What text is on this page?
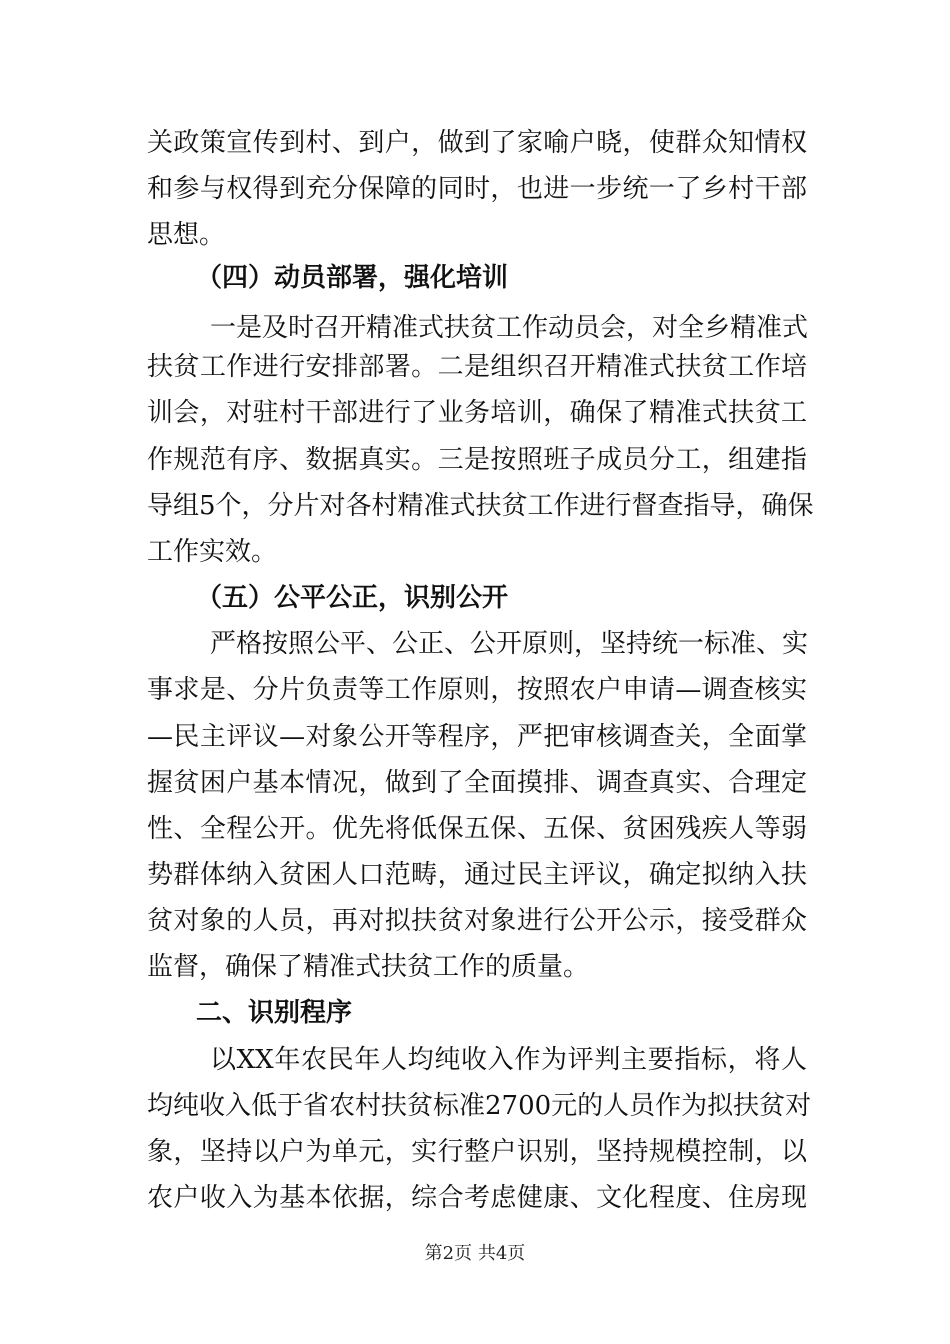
关政策宣传到村、到户，做到了家喻户晓，使群众知情权
和参与权得到充分保障的同时，也进一步统一了乡村干部
思想。
（四）动员部署，强化培训
一是及时召开精准式扶贫工作动员会，对全乡精准式
扶贫工作进行安排部署。二是组织召开精准式扶贫工作培
训会，对驻村干部进行了业务培训，确保了精准式扶贫工
作规范有序、数据真实。三是按照班子成员分工，组建指
导组5个，分片对各村精准式扶贫工作进行督查指导，确保
工作实效。
（五）公平公正，识别公开
严格按照公平、公正、公开原则，坚持统一标准、实
事求是、分片负责等工作原则，按照农户申请—调查核实
—民主评议—对象公开等程序，严把审核调查关，全面掌
握贫困户基本情况，做到了全面摸排、调查真实、合理定
性、全程公开。优先将低保五保、五保、贫困残疾人等弱
势群体纳入贫困人口范畴，通过民主评议，确定拟纳入扶
贫对象的人员，再对拟扶贫对象进行公开公示，接受群众
监督，确保了精准式扶贫工作的质量。
二、识别程序
以XX年农民年人均纯收入作为评判主要指标，将人
均纯收入低于省农村扶贫标准2700元的人员作为拟扶贫对
象，坚持以户为单元，实行整户识别，坚持规模控制，以
农户收入为基本依据，综合考虑健康、文化程度、住房现
第2页 共4页
